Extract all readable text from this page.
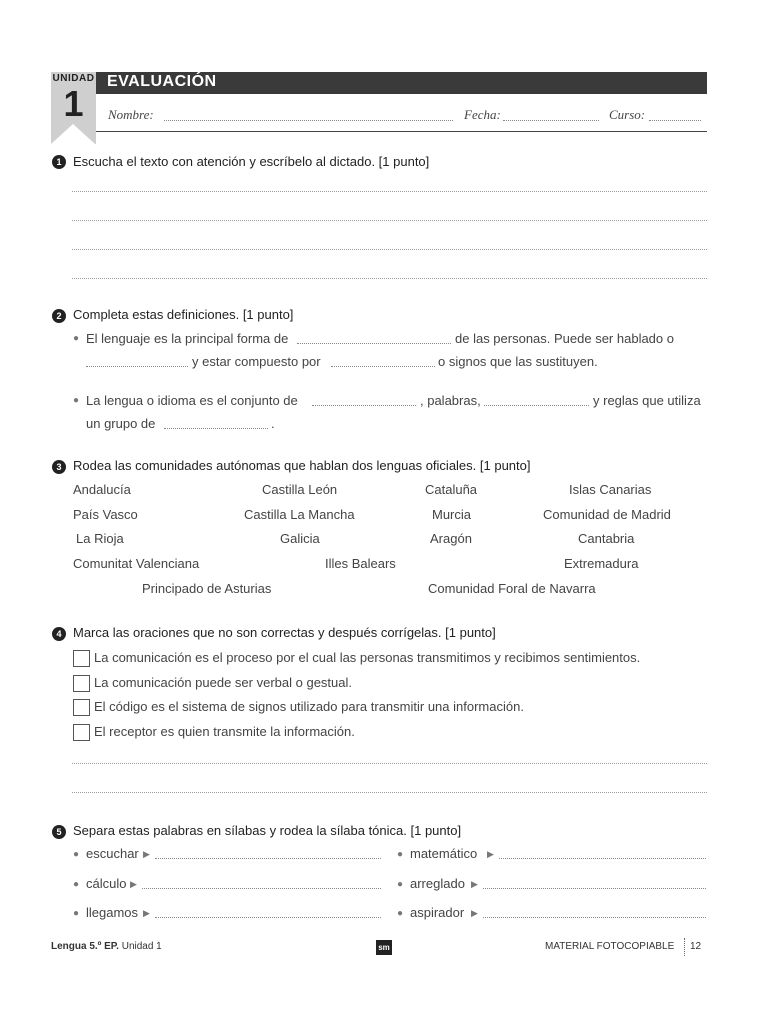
UNIDAD
1
EVALUACIÓN
Nombre:	Fecha:	Curso:
1 Escucha el texto con atención y escríbelo al dictado. [1 punto]
2 Completa estas definiciones. [1 punto]
● El lenguaje es la principal forma de	de las personas. Puede ser hablado o
y estar compuesto por	o signos que las sustituyen.
● La lengua o idioma es el conjunto de	, palabras,	y reglas que utiliza
un grupo de	.
3 Rodea las comunidades autónomas que hablan dos lenguas oficiales. [1 punto]
Andalucía	Castilla León	Cataluña	Islas Canarias
País Vasco	Castilla La Mancha	Murcia	Comunidad de Madrid
La Rioja	Galicia	Aragón	Cantabria
Comunitat Valenciana	Illes Balears	Extremadura
Principado de Asturias	Comunidad Foral de Navarra
4 Marca las oraciones que no son correctas y después corrígelas. [1 punto]
La comunicación es el proceso por el cual las personas transmitimos y recibimos sentimientos.
La comunicación puede ser verbal o gestual.
El código es el sistema de signos utilizado para transmitir una información.
El receptor es quien transmite la información.
5 Separa estas palabras en sílabas y rodea la sílaba tónica. [1 punto]
● escuchar ▶	● matemático ▶
● cálculo ▶	● arreglado ▶
● llegamos ▶	● aspirador ▶
Lengua 5.º EP. Unidad 1	sm	MATERIAL FOTOCOPIABLE 12
